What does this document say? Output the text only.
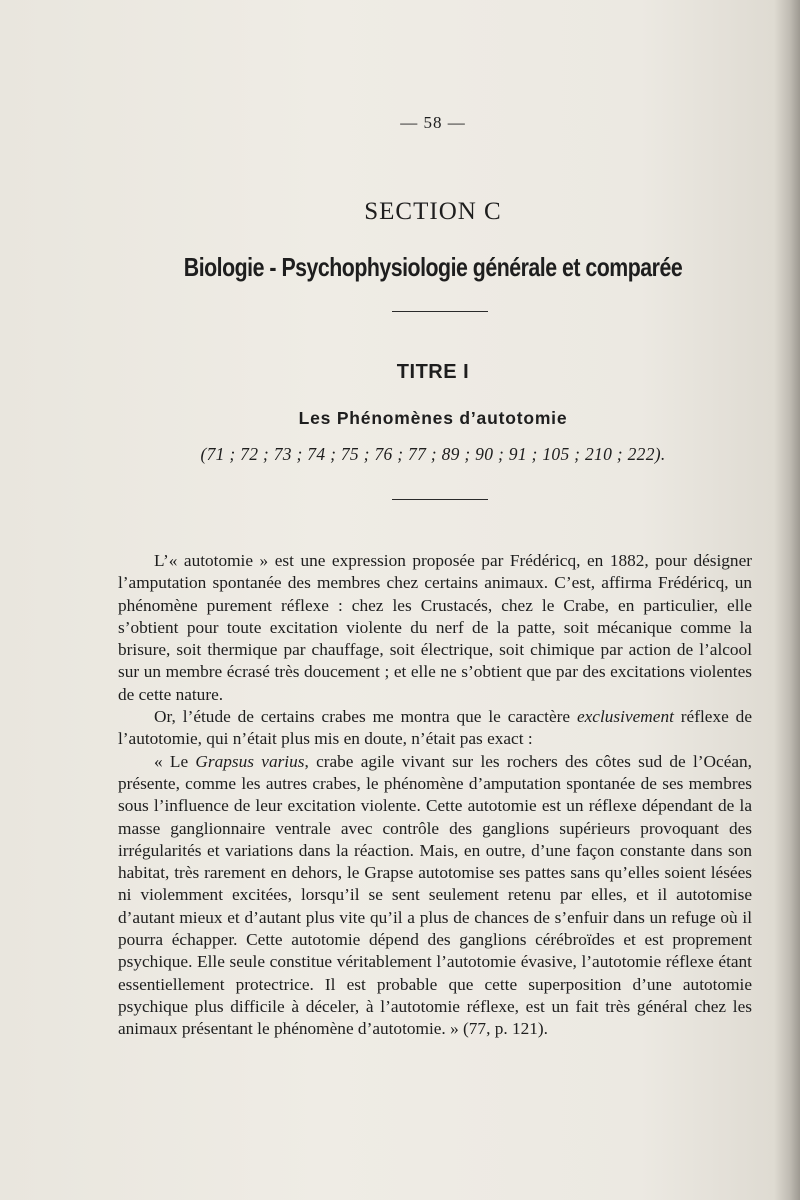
— 58 —
SECTION C
Biologie - Psychophysiologie générale et comparée
TITRE I
Les Phénomènes d’autotomie
(71 ; 72 ; 73 ; 74 ; 75 ; 76 ; 77 ; 89 ; 90 ; 91 ; 105 ; 210 ; 222).

L’« autotomie » est une expression proposée par Frédéricq, en 1882, pour désigner l’amputation spontanée des membres chez certains animaux. C’est, affirma Frédéricq, un phénomène purement réflexe : chez les Crustacés, chez le Crabe, en particulier, elle s’obtient pour toute excitation violente du nerf de la patte, soit mécanique comme la brisure, soit thermique par chauffage, soit électrique, soit chimique par action de l’alcool sur un membre écrasé très doucement ; et elle ne s’obtient que par des excitations violentes de cette nature.

Or, l’étude de certains crabes me montra que le caractère exclusivement réflexe de l’autotomie, qui n’était plus mis en doute, n’était pas exact :

« Le Grapsus varius, crabe agile vivant sur les rochers des côtes sud de l’Océan, présente, comme les autres crabes, le phénomène d’amputation spontanée de ses membres sous l’influence de leur excitation violente. Cette autotomie est un réflexe dépendant de la masse ganglionnaire ventrale avec contrôle des ganglions supérieurs provoquant des irrégularités et variations dans la réaction. Mais, en outre, d’une façon constante dans son habitat, très rarement en dehors, le Grapse autotomise ses pattes sans qu’elles soient lésées ni violemment excitées, lorsqu’il se sent seulement retenu par elles, et il autotomise d’autant mieux et d’autant plus vite qu’il a plus de chances de s’enfuir dans un refuge où il pourra échapper. Cette autotomie dépend des ganglions cérébroïdes et est proprement psychique. Elle seule constitue véritablement l’autotomie évasive, l’autotomie réflexe étant essentiellement protectrice. Il est probable que cette superposition d’une autotomie psychique plus difficile à déceler, à l’autotomie réflexe, est un fait très général chez les animaux présentant le phénomène d’autotomie. » (77, p. 121).
